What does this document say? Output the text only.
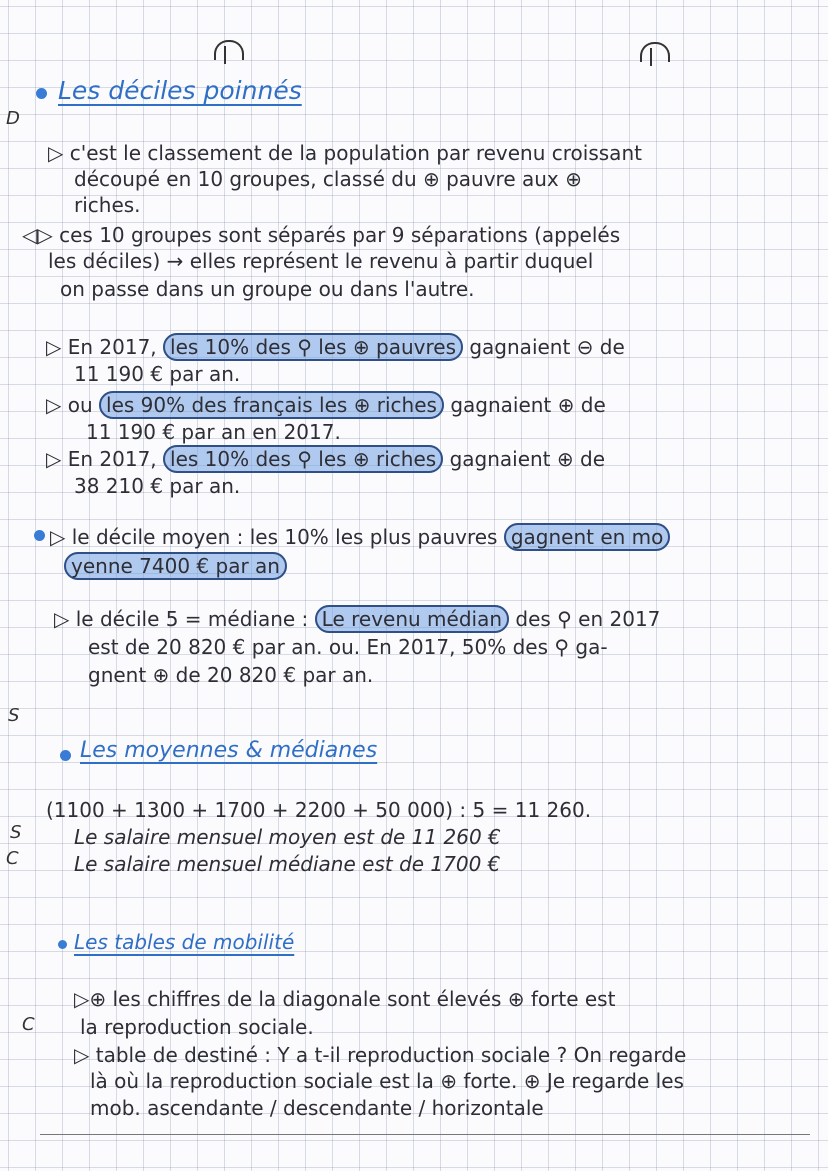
D
S
S
C
C
Les déciles poinnés
▷ c'est le classement de la population par revenu croissant
découpé en 10 groupes, classé du ⊕ pauvre aux ⊕
riches.
◁▷ ces 10 groupes sont séparés par 9 séparations (appelés
les déciles) → elles représent le revenu à partir duquel
on passe dans un groupe ou dans l'autre.
▷ En 2017, les 10% des ⚲ les ⊕ pauvres gagnaient ⊖ de
11 190 € par an.
▷ ou les 90% des français les ⊕ riches gagnaient ⊕ de
11 190 € par an en 2017.
▷ En 2017, les 10% des ⚲ les ⊕ riches gagnaient ⊕ de
38 210 € par an.
▷ le décile moyen : les 10% les plus pauvres gagnent en mo
yenne 7400 € par an
▷ le décile 5 = médiane : Le revenu médian des ⚲ en 2017
est de 20 820 € par an. ou. En 2017, 50% des ⚲ ga-
gnent ⊕ de 20 820 € par an.
Les moyennes & médianes
(1100 + 1300 + 1700 + 2200 + 50 000) : 5 = 11 260.
Le salaire mensuel moyen est de 11 260 €
Le salaire mensuel médiane est de 1700 €
Les tables de mobilité
▷⊕ les chiffres de la diagonale sont élevés ⊕ forte est
la reproduction sociale.
▷ table de destiné : Y a t-il reproduction sociale ? On regarde
là où la reproduction sociale est la ⊕ forte. ⊕ Je regarde les
mob. ascendante / descendante / horizontale
